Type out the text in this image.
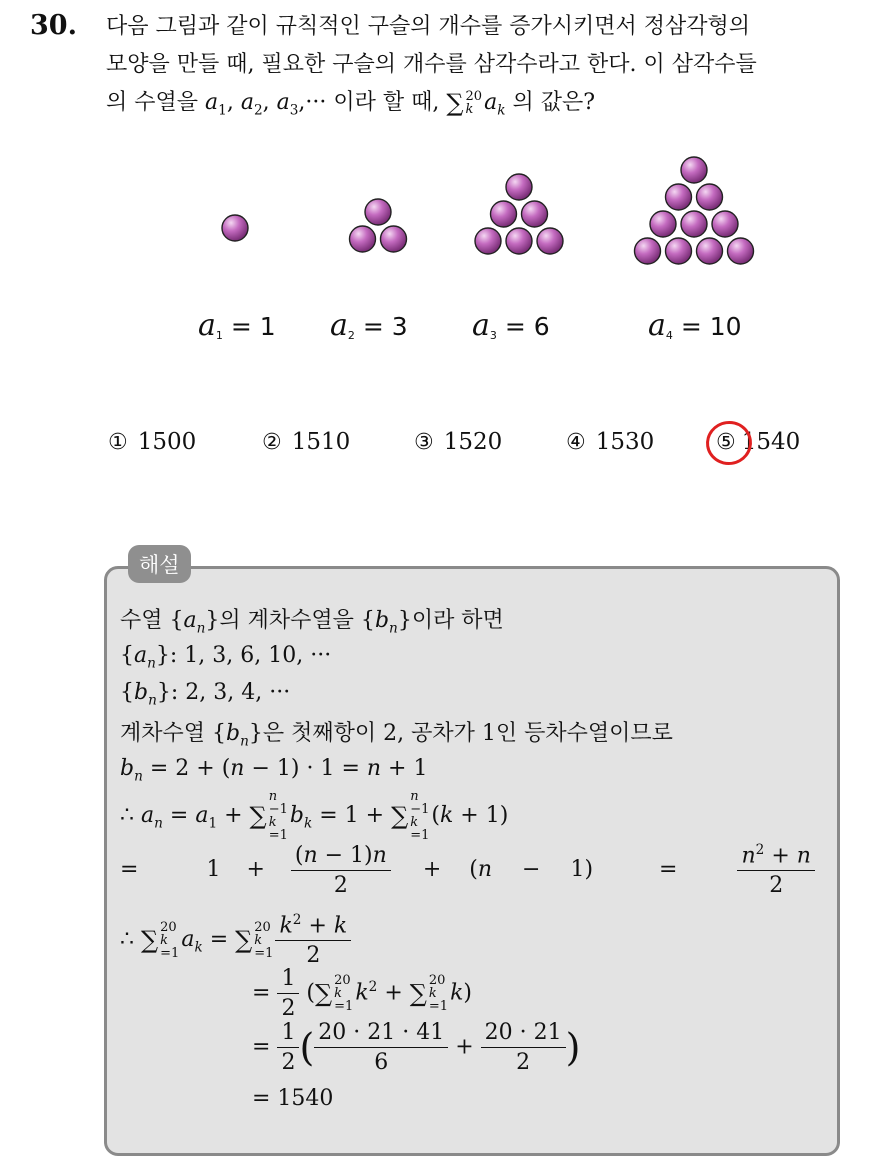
30. 다음 그림과 같이 규칙적인 구슬의 개수를 증가시키면서 정삼각형의
모양을 만들 때, 필요한 구슬의 개수를 삼각수라고 한다. 이 삼각수들
의 수열을 $a_1$, $a_2$, $a_3,\cdot\cdot\cdot$ 이라 할 때, ∑ 20
k $a_k$ 의 값은?
$a_1 = 1$ $a_2 = 3$ $a_3 = 6$	$a_4 = 10$
① 1500	② 1510	③ 1520	④ 1530	⑤ 1540
해설
수열 $\{a_n\}$의 계차수열을 $\{b_n\}$이라 하면
$\{a_n\}$: 1, 3, 6, 10, ···
$\{b_n\}$: 2, 3, 4, ···
계차수열 $\{b_n\}$은 첫째항이 2, 공차가 1인 등차수열이므로
$b_n = 2 + (n - 1) \cdot 1 = n + 1$
∴ $a_n = a_1$ + ∑
n
−1
k
=1
$b_k = 1$ + ∑
n
−1
k
=1
(k + 1)
=	$1 + \frac{(n - 1)n}{2} + (n - 1)$	=	$\frac{n^2 + n}{2}$
∴ ∑ 20
k
=1
$a_k$ = ∑ 20
k
$=1 \frac{k^2 + k}{2}$
= $\frac{1}{2}$ (∑ 20
k
=1
$k^2$ + ∑ 20
k
=1
k)
= $\frac{1}{2}$ ( $\frac{20 \cdot 21 \cdot 41}{6} + \frac{20 \cdot 21}{2}$ )
= 1540
